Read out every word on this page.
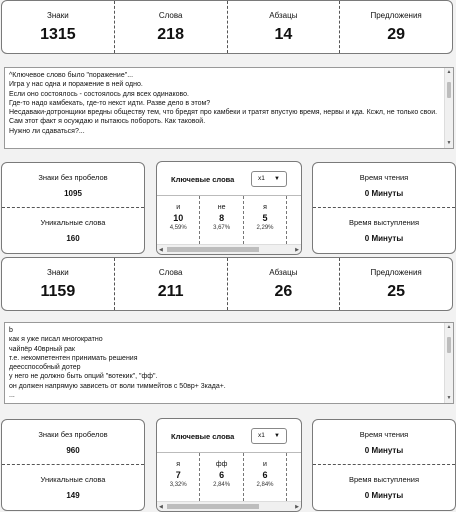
Знаки
1315
Слова
218
Абзацы
14
Предложения
29
^Ключевое слово было "поражение"...
Игра у нас одна и поражение в ней одно.
Если оно состоялось - состоялось для всех одинаково.
Где-то надо камбекать, где-то некст идти. Разве дело в этом?
Несдавaки-дотрoнщики вредны обществу тем, что бредят про камбеки и тратят впустую время, нервы и кда. Ксжл, не только свои.
Сам этот факт я осуждаю и пытаюсь побороть. Как таковой.
Нужно ли сдаваться?...
▲
▼
Знаки без пробелов
1095
Уникальные слова
160
Ключевые слова	x1 ▼
и
10
4,59%
не
8
3,67%
я
5
2,29%
◀	▶
Время чтения
0 Минуты
Время выступления
0 Минуты
Знаки
1159
Слова
211
Абзацы
26
Предложения
25
b
как я уже писал многократно
чайпёр 40врный рак
т.е. некомпетентен принимать решения
деесспособный дотер
у него не должно быть опций "вотекик", "фф".
он должен напрямую зависеть от воли тиммейтов с 50вр+ 3када+.
...
▲
▼
Знаки без пробелов
960
Уникальные слова
149
Ключевые слова	x1 ▼
я
7
3,32%
фф
6
2,84%
и
6
2,84%
◀	▶
Время чтения
0 Минуты
Время выступления
0 Минуты
